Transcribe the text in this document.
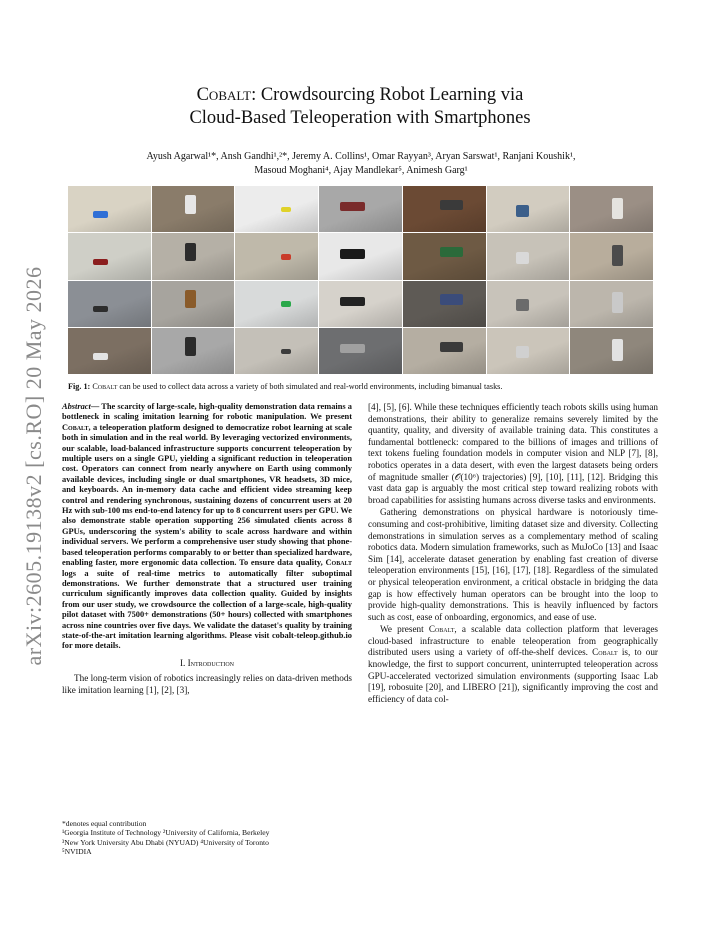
arXiv:2605.19138v2 [cs.RO] 20 May 2026
Cobalt: Crowdsourcing Robot Learning via
Cloud-Based Teleoperation with Smartphones
Ayush Agarwal¹*, Ansh Gandhi¹,²*, Jeremy A. Collins¹, Omar Rayyan³, Aryan Sarswat¹, Ranjani Koushik¹,
Masoud Moghani⁴, Ajay Mandlekar⁵, Animesh Garg¹
Fig. 1: Cobalt can be used to collect data across a variety of both simulated and real-world environments, including bimanual tasks.
Abstract— The scarcity of large-scale, high-quality demonstration data remains a bottleneck in scaling imitation learning for robotic manipulation. We present Cobalt, a teleoperation platform designed to democratize robot learning at scale both in simulation and in the real world. By leveraging vectorized environments, our scalable, load-balanced infrastructure supports concurrent teleoperation by multiple users on a single GPU, yielding a significant reduction in teleoperation cost. Operators can connect from nearly anywhere on Earth using commonly available devices, including single or dual smartphones, VR headsets, 3D mice, and keyboards. An in-memory data cache and efficient video streaming keep control and rendering synchronous, sustaining dozens of concurrent users at 20 Hz with sub-100 ms end-to-end latency for up to 8 concurrent users per GPU. We also demonstrate stable operation supporting 256 simulated clients across 8 GPUs, underscoring the system's ability to scale across hardware and within individual servers. We perform a comprehensive user study showing that phone-based teleoperation performs comparably to or better than specialized hardware, enabling faster, more ergonomic data collection. To ensure data quality, Cobalt logs a suite of real-time metrics to automatically filter suboptimal demonstrations. We further demonstrate that a structured user training curriculum significantly improves data collection quality. Guided by insights from our user study, we crowdsource the collection of a large-scale, high-quality pilot dataset with 7500+ demonstrations (50+ hours) collected with smartphones across nine countries over five days. We validate the dataset's quality by training state-of-the-art imitation learning algorithms. Please visit cobalt-teleop.github.io for more details.
I. Introduction

The long-term vision of robotics increasingly relies on data-driven methods like imitation learning [1], [2], [3],

*denotes equal contribution
¹Georgia Institute of Technology ²University of California, Berkeley
³New York University Abu Dhabi (NYUAD) ⁴University of Toronto
⁵NVIDIA

[4], [5], [6]. While these techniques efficiently teach robots skills using human demonstrations, their ability to generalize remains severely limited by the quantity, quality, and diversity of available training data. This constitutes a fundamental bottleneck: compared to the billions of images and trillions of text tokens fueling foundation models in computer vision and NLP [7], [8], robotics operates in a data desert, with even the largest datasets being orders of magnitude smaller (𝒪(10⁶) trajectories) [9], [10], [11], [12]. Bridging this vast data gap is arguably the most critical step toward realizing robots with broad capabilities for assisting humans across diverse tasks and environments.

Gathering demonstrations on physical hardware is notoriously time-consuming and cost-prohibitive, limiting dataset size and diversity. Collecting demonstrations in simulation serves as a complementary method of scaling robotics data. Modern simulation frameworks, such as MuJoCo [13] and Isaac Sim [14], accelerate dataset generation by enabling fast creation of diverse teleoperation environments [15], [16], [17], [18]. Regardless of the simulated or physical teleoperation environment, a critical obstacle in bridging the data gap is how effectively human operators can be brought into the loop to provide high-quality demonstrations. This is heavily influenced by factors such as cost, ease of onboarding, ergonomics, and ease of use.

We present Cobalt, a scalable data collection platform that leverages cloud-based infrastructure to enable teleoperation from geographically distributed users using a variety of off-the-shelf devices. Cobalt is, to our knowledge, the first to support concurrent, uninterrupted teleoperation across GPU-accelerated vectorized simulation environments (supporting Isaac Lab [19], robosuite [20], and LIBERO [21]), significantly improving the cost and efficiency of data col-
